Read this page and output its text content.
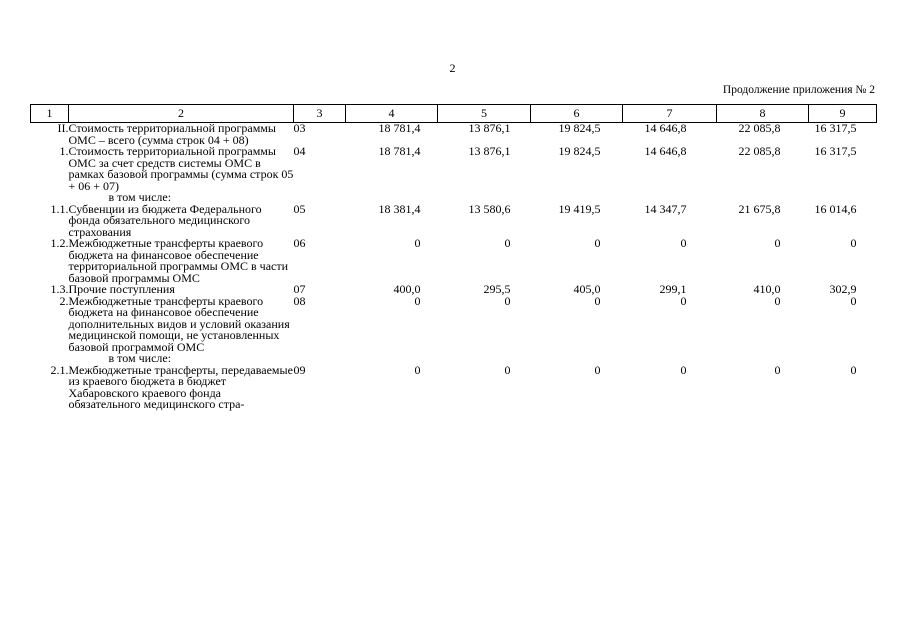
2
Продолжение приложения № 2
1	2	3	4	5	6	7	8	9
II.	Стоимость территориальной программы ОМС – всего (сумма строк 04 + 08)	03	18 781,4	13 876,1	19 824,5	14 646,8	22 085,8	16 317,5
1.	Стоимость территориальной программы ОМС за счет средств системы ОМС в рамках базовой программы (сумма строк 05 + 06 + 07)	04	18 781,4	13 876,1	19 824,5	14 646,8	22 085,8	16 317,5
	в том числе:							
1.1.	Субвенции из бюджета Федерального фонда обязательного медицинского страхования	05	18 381,4	13 580,6	19 419,5	14 347,7	21 675,8	16 014,6
1.2.	Межбюджетные трансферты краевого бюджета на финансовое обеспечение территориальной программы ОМС в части базовой программы ОМС	06	0	0	0	0	0	0
1.3.	Прочие поступления	07	400,0	295,5	405,0	299,1	410,0	302,9
2.	Межбюджетные трансферты краевого бюджета на финансовое обеспечение дополнительных видов и условий оказания медицинской помощи, не установленных базовой программой ОМС	08	0	0	0	0	0	0
	в том числе:							
2.1.	Межбюджетные трансферты, передаваемые из краевого бюджета в бюджет Хабаровского краевого фонда обязательного медицинского стра-	09	0	0	0	0	0	0
